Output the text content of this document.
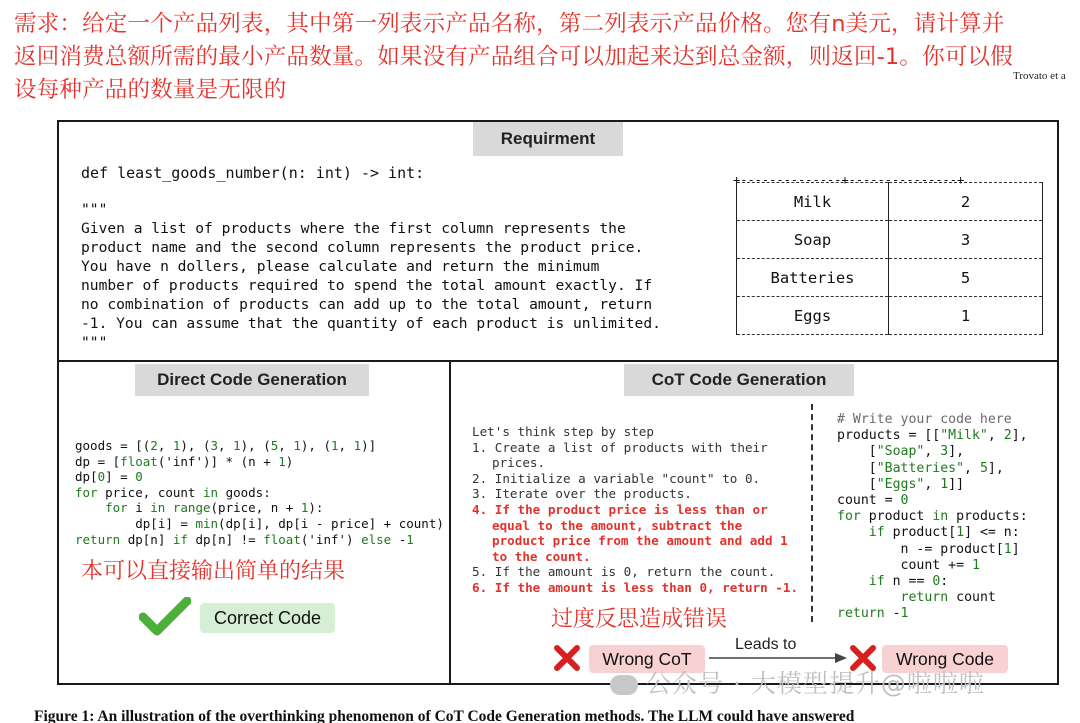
需求：给定一个产品列表，其中第一列表示产品名称，第二列表示产品价格。您有n美元，请计算并返回消费总额所需的最小产品数量。如果没有产品组合可以加起来达到总金额，则返回-1。你可以假设每种产品的数量是无限的
Trovato et a
Requirment
def least_goods_number(n: int) -> int:
"""
Given a list of products where the first column represents the
product name and the second column represents the product price.
You have n dollers, please calculate and return the minimum
number of products required to spend the total amount exactly. If
no combination of products can add up to the total amount, return
-1. You can assume that the quantity of each product is unlimited.
"""
+--------------+---------------+
Milk	2
Soap	3
Batteries	5
Eggs	1
Direct Code Generation
goods = [(2, 1), (3, 1), (5, 1), (1, 1)]
dp = [float('inf')] * (n + 1)
dp[0] = 0
for price, count in goods:
for i in range(price, n + 1):
dp[i] = min(dp[i], dp[i - price] + count)
return dp[n] if dp[n] != float('inf') else -1
本可以直接输出简单的结果
Correct Code
CoT Code Generation
Let's think step by step
1. Create a list of products with their prices.
2. Initialize a variable "count" to 0.
3. Iterate over the products.
4. If the product price is less than or equal to the amount, subtract the product price from the amount and add 1 to the count.
5. If the amount is 0, return the count.
6. If the amount is less than 0, return -1.
# Write your code here
products = [["Milk", 2],
["Soap", 3],
["Batteries", 5],
["Eggs", 1]]
count = 0
for product in products:
if product[1] <= n:
n -= product[1]
count += 1
if n == 0:
return count
return -1
过度反思造成错误
Wrong CoT
Leads to
Wrong Code
公众号 · 大模型提升@啦啦啦
Figure 1: An illustration of the overthinking phenomenon of CoT Code Generation methods. The LLM could have answered
